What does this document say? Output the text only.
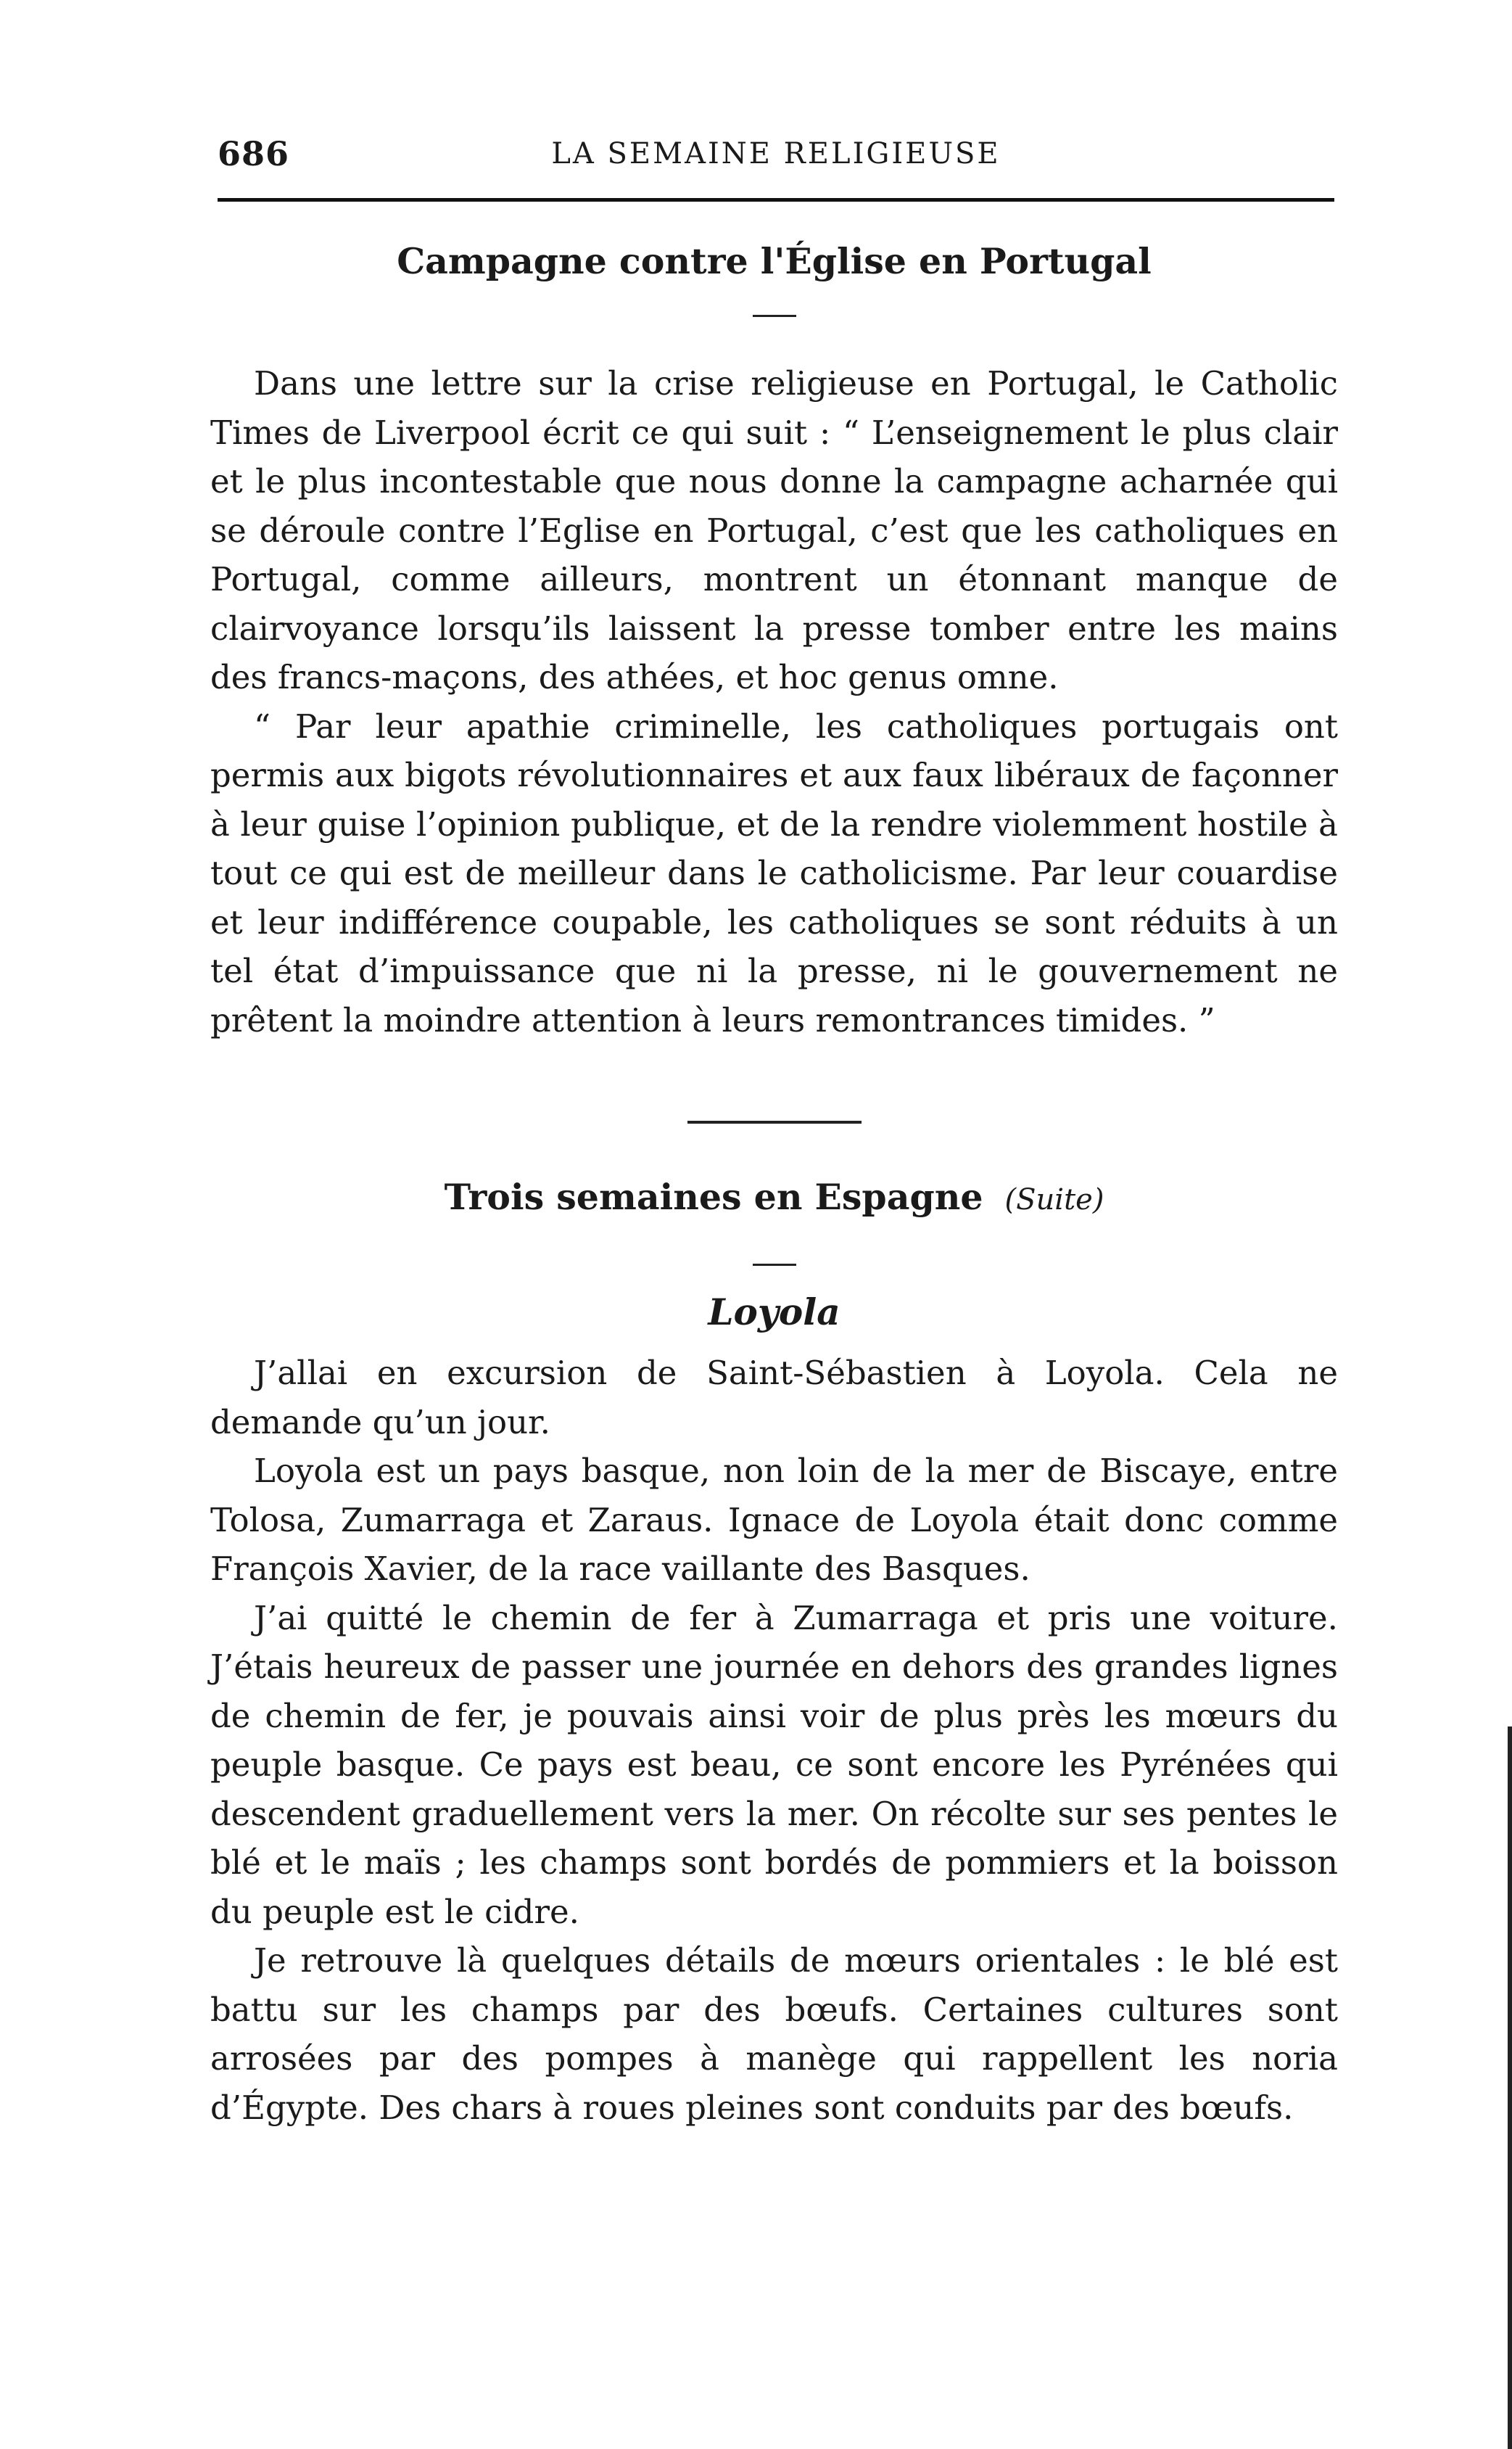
686	LA SEMAINE RELIGIEUSE
Campagne contre l'Église en Portugal

Dans une lettre sur la crise religieuse en Portugal, le Catholic Times de Liverpool écrit ce qui suit : “ L’enseignement le plus clair et le plus incontestable que nous donne la campagne acharnée qui se déroule contre l’Eglise en Portugal, c’est que les catholiques en Portugal, comme ailleurs, montrent un étonnant manque de clairvoyance lorsqu’ils laissent la presse tomber entre les mains des francs-maçons, des athées, et hoc genus omne.

“ Par leur apathie criminelle, les catholiques portugais ont permis aux bigots révolutionnaires et aux faux libéraux de façonner à leur guise l’opinion publique, et de la rendre violemment hostile à tout ce qui est de meilleur dans le catholicisme. Par leur couardise et leur indifférence coupable, les catholiques se sont réduits à un tel état d’impuissance que ni la presse, ni le gouvernement ne prêtent la moindre attention à leurs remontrances timides. ”

Trois semaines en Espagne (Suite)
Loyola

J’allai en excursion de Saint-Sébastien à Loyola. Cela ne demande qu’un jour.

Loyola est un pays basque, non loin de la mer de Biscaye, entre Tolosa, Zumarraga et Zaraus. Ignace de Loyola était donc comme François Xavier, de la race vaillante des Basques.

J’ai quitté le chemin de fer à Zumarraga et pris une voiture. J’étais heureux de passer une journée en dehors des grandes lignes de chemin de fer, je pouvais ainsi voir de plus près les mœurs du peuple basque. Ce pays est beau, ce sont encore les Pyrénées qui descendent graduellement vers la mer. On récolte sur ses pentes le blé et le maïs ; les champs sont bordés de pommiers et la boisson du peuple est le cidre.

Je retrouve là quelques détails de mœurs orientales : le blé est battu sur les champs par des bœufs. Certaines cultures sont arrosées par des pompes à manège qui rappellent les noria d’Égypte. Des chars à roues pleines sont conduits par des bœufs.
